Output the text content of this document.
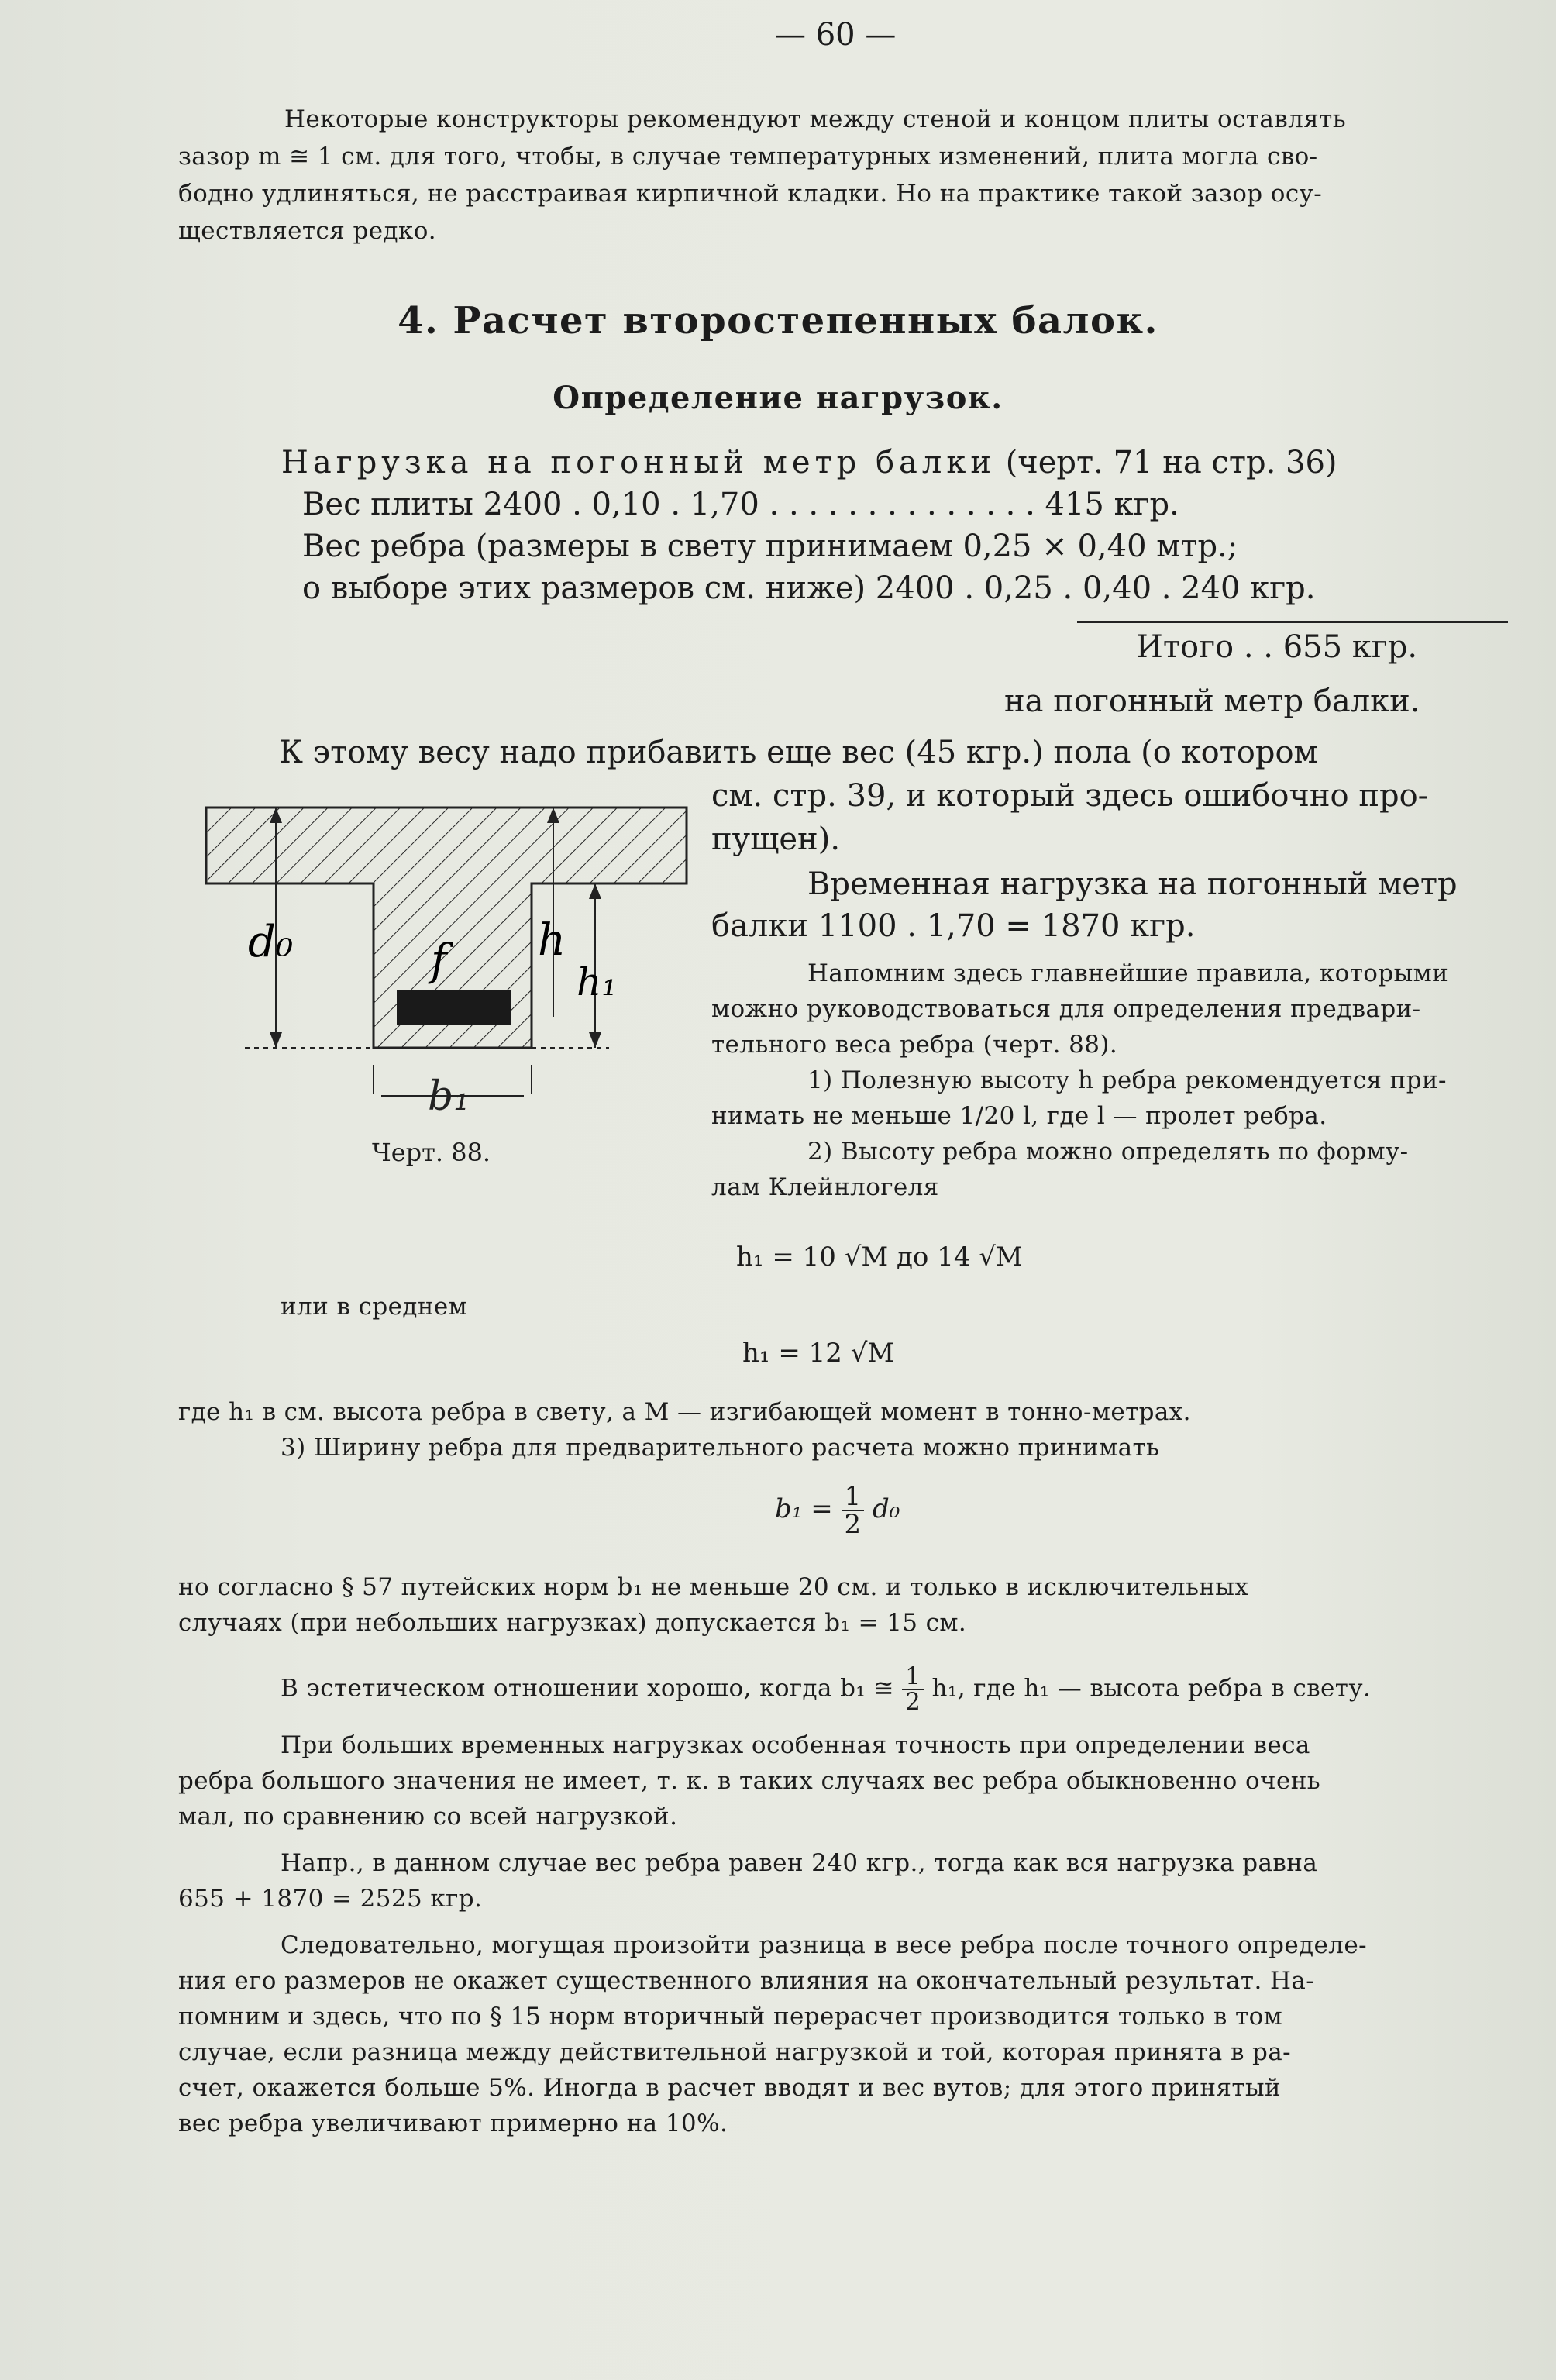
— 60 —
Некоторые конструкторы рекомендуют между стеной и концом плиты оставлять
зазор m ≅ 1 см. для того, чтобы, в случае температурных изменений, плита могла сво-
бодно удлиняться, не расстраивая кирпичной кладки. Но на практике такой зазор осу-
ществляется редко.
4. Расчет второстепенных балок.
Определение нагрузок.
Нагрузка на погонный метр балки (черт. 71 на стр. 36)
Вес плиты 2400 . 0,10 . 1,70 . . . . . . . . . . . . . . 415 кгр.
Вес ребра (размеры в свету принимаем 0,25 × 0,40 мтр.;
о выборе этих размеров см. ниже) 2400 . 0,25 . 0,40 . 240 кгр.
Итого . . 655 кгр.
на погонный метр балки.
К этому весу надо прибавить еще вес (45 кгр.) пола (о котором
см. стр. 39, и который здесь ошибочно про-
пущен).
Временная нагрузка на погонный метр
балки 1100 . 1,70 = 1870 кгр.
d₀	f h
h₁
b₁
Черт. 88.
Напомним здесь главнейшие правила, которыми
можно руководствоваться для определения предвари-
тельного веса ребра (черт. 88).
1) Полезную высоту h ребра рекомендуется при-
нимать не меньше 1/20 l, где l — пролет ребра.
2) Высоту ребра можно определять по форму-
лам Клейнлогеля
h₁ = 10 √M до 14 √M
или в среднем
h₁ = 12 √M
где h₁ в см. высота ребра в свету, а M — изгибающей момент в тонно-метрах.
3) Ширину ребра для предварительного расчета можно принимать
$b_1 = \frac{1}{2} d_0$
но согласно § 57 путейских норм b₁ не меньше 20 см. и только в исключительных
случаях (при небольших нагрузках) допускается b₁ = 15 см.
В эстетическом отношении хорошо, когда b₁ ≅ $\frac{1}{2} h_1$, где h₁ — высота ребра в свету.
При больших временных нагрузках особенная точность при определении веса
ребра большого значения не имеет, т. к. в таких случаях вес ребра обыкновенно очень
мал, по сравнению со всей нагрузкой.
Напр., в данном случае вес ребра равен 240 кгр., тогда как вся нагрузка равна
655 + 1870 = 2525 кгр.
Следовательно, могущая произойти разница в весе ребра после точного определе-
ния его размеров не окажет существенного влияния на окончательный результат. На-
помним и здесь, что по § 15 норм вторичный перерасчет производится только в том
случае, если разница между действительной нагрузкой и той, которая принята в ра-
счет, окажется больше 5%. Иногда в расчет вводят и вес вутов; для этого принятый
вес ребра увеличивают примерно на 10%.
